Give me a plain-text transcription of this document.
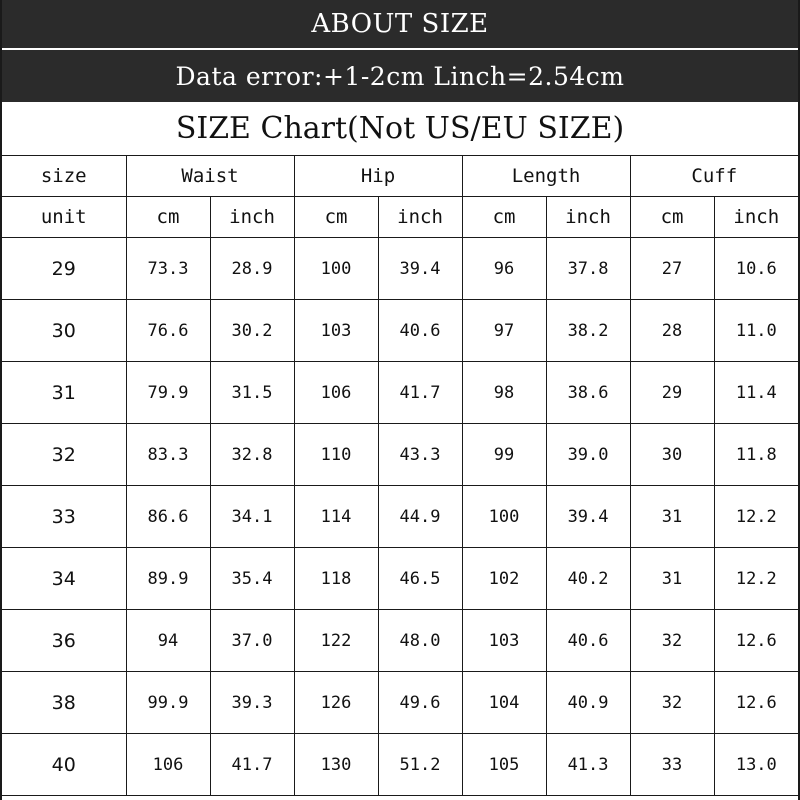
ABOUT SIZE
Data error:+1-2cm Linch=2.54cm
SIZE Chart(Not US/EU SIZE)
size	Waist		Hip		Length		Cuff	
unit	cm	inch	cm	inch	cm	inch	cm	inch
29	73.3	28.9	100	39.4	96	37.8	27	10.6
30	76.6	30.2	103	40.6	97	38.2	28	11.0
31	79.9	31.5	106	41.7	98	38.6	29	11.4
32	83.3	32.8	110	43.3	99	39.0	30	11.8
33	86.6	34.1	114	44.9	100	39.4	31	12.2
34	89.9	35.4	118	46.5	102	40.2	31	12.2
36	94	37.0	122	48.0	103	40.6	32	12.6
38	99.9	39.3	126	49.6	104	40.9	32	12.6
40	106	41.7	130	51.2	105	41.3	33	13.0
